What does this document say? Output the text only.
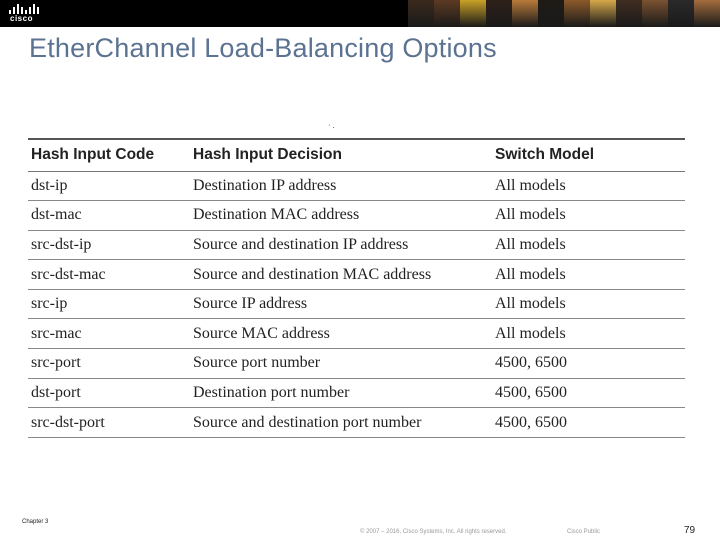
cisco
EtherChannel Load-Balancing Options
· .
Hash Input Code	Hash Input Decision	Switch Model
dst-ip	Destination IP address	All models
dst-mac	Destination MAC address	All models
src-dst-ip	Source and destination IP address	All models
src-dst-mac	Source and destination MAC address	All models
src-ip	Source IP address	All models
src-mac	Source MAC address	All models
src-port	Source port number	4500, 6500
dst-port	Destination port number	4500, 6500
src-dst-port	Source and destination port number	4500, 6500
Chapter 3
© 2007 – 2016, Cisco Systems, Inc. All rights reserved.	Cisco Public	79
